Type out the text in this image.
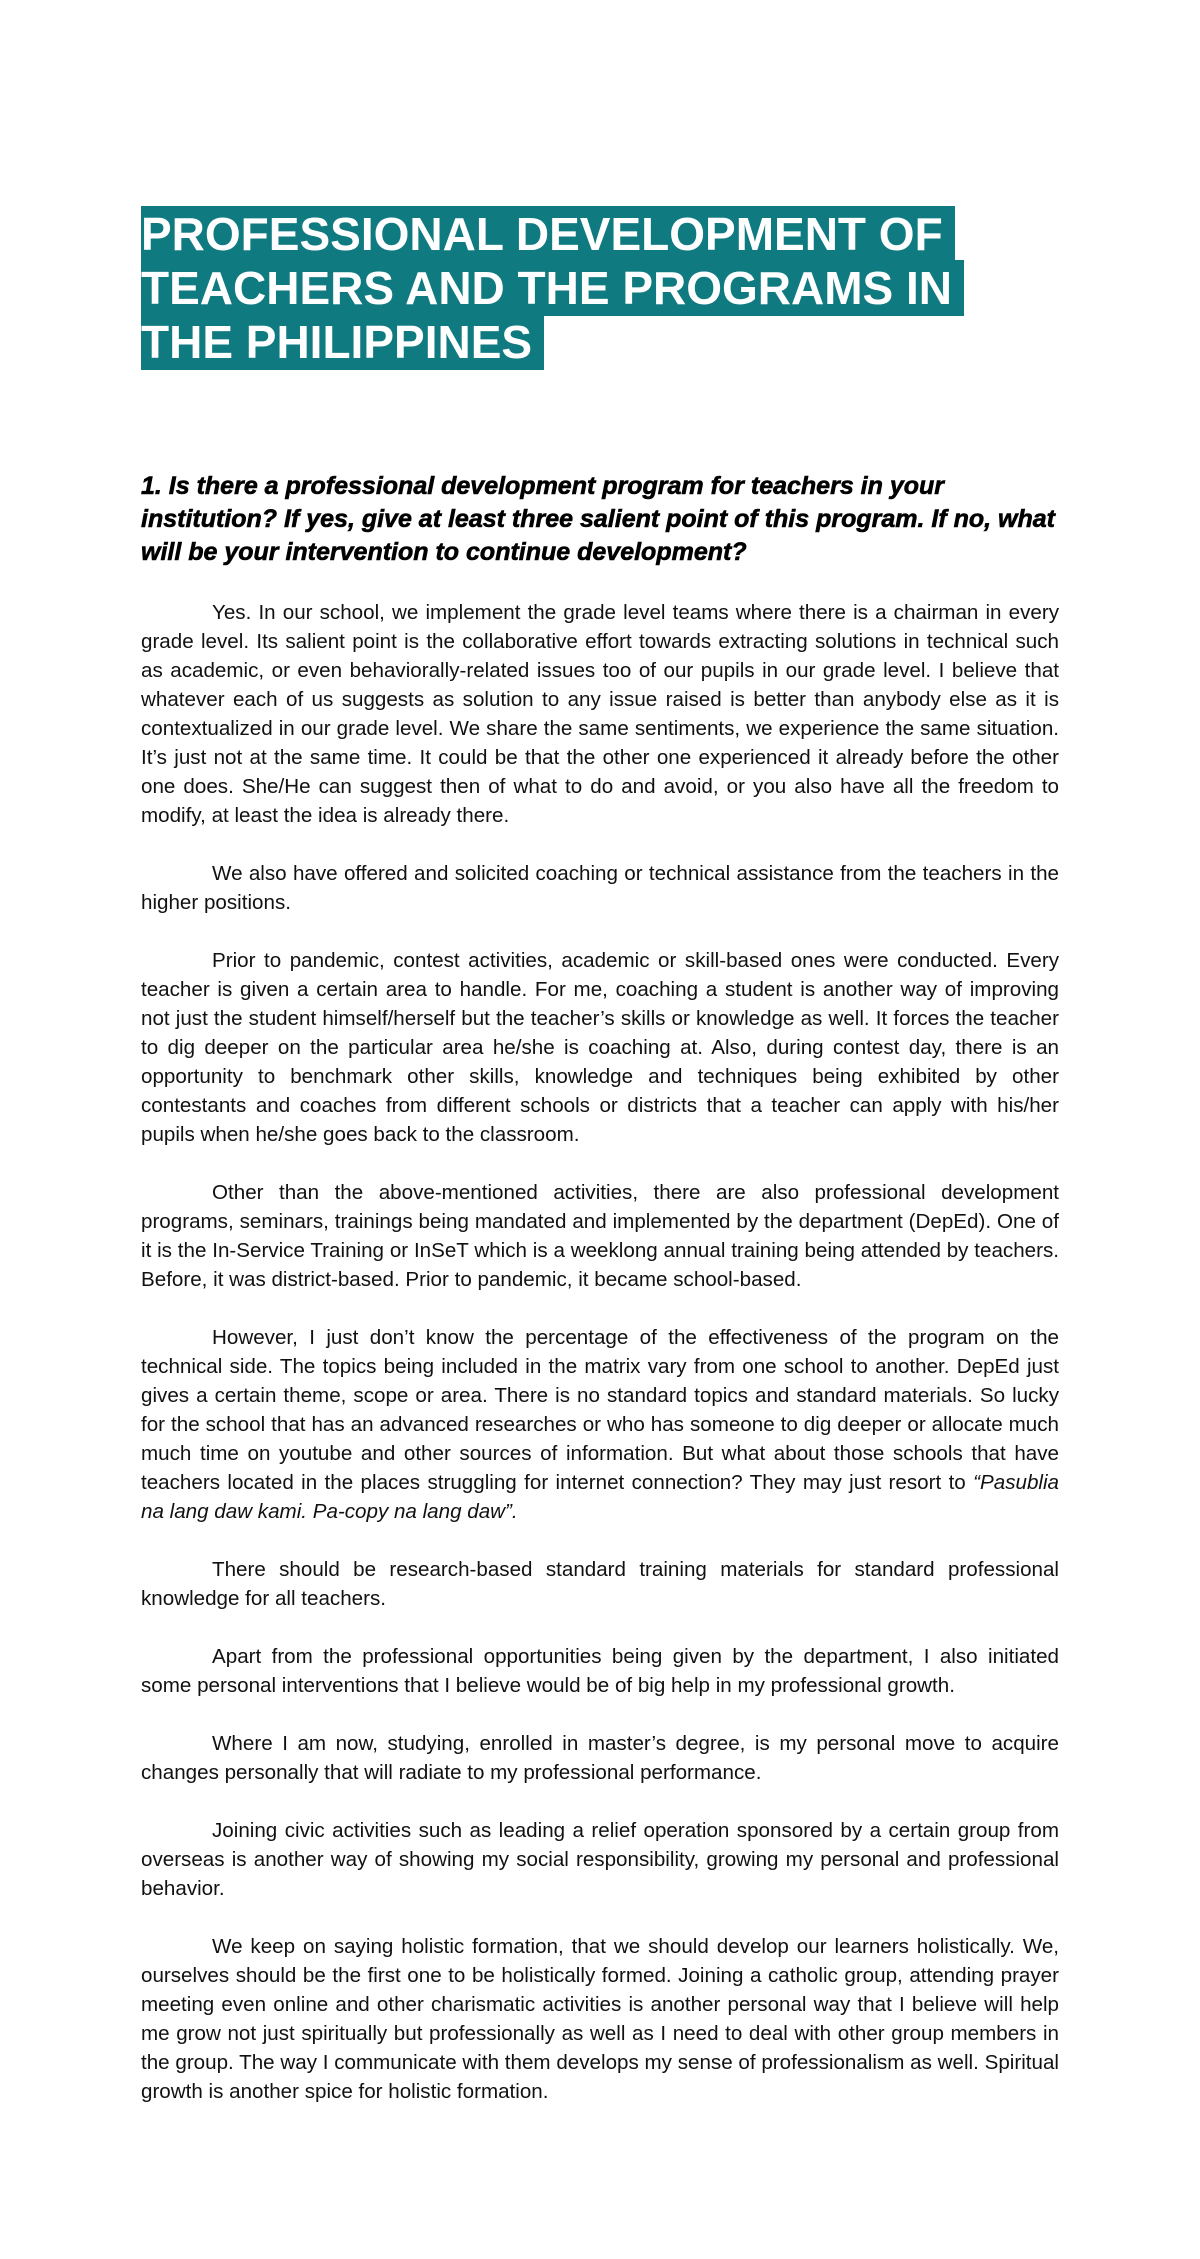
PROFESSIONAL DEVELOPMENT OF TEACHERS AND THE PROGRAMS IN THE PHILIPPINES
1. Is there a professional development program for teachers in your institution? If yes, give at least three salient point of this program. If no, what will be your intervention to continue development?

Yes. In our school, we implement the grade level teams where there is a chairman in every grade level. Its salient point is the collaborative effort towards extracting solutions in technical such as academic, or even behaviorally-related issues too of our pupils in our grade level. I believe that whatever each of us suggests as solution to any issue raised is better than anybody else as it is contextualized in our grade level. We share the same sentiments, we experience the same situation. It’s just not at the same time. It could be that the other one experienced it already before the other one does. She/He can suggest then of what to do and avoid, or you also have all the freedom to modify, at least the idea is already there.

We also have offered and solicited coaching or technical assistance from the teachers in the higher positions.

Prior to pandemic, contest activities, academic or skill-based ones were conducted. Every teacher is given a certain area to handle. For me, coaching a student is another way of improving not just the student himself/herself but the teacher’s skills or knowledge as well. It forces the teacher to dig deeper on the particular area he/she is coaching at. Also, during contest day, there is an opportunity to benchmark other skills, knowledge and techniques being exhibited by other contestants and coaches from different schools or districts that a teacher can apply with his/her pupils when he/she goes back to the classroom.

Other than the above-mentioned activities, there are also professional development programs, seminars, trainings being mandated and implemented by the department (DepEd). One of it is the In-Service Training or InSeT which is a weeklong annual training being attended by teachers. Before, it was district-based. Prior to pandemic, it became school-based.

However, I just don’t know the percentage of the effectiveness of the program on the technical side. The topics being included in the matrix vary from one school to another. DepEd just gives a certain theme, scope or area. There is no standard topics and standard materials. So lucky for the school that has an advanced researches or who has someone to dig deeper or allocate much much time on youtube and other sources of information. But what about those schools that have teachers located in the places struggling for internet connection? They may just resort to “Pasublia na lang daw kami. Pa-copy na lang daw”.

There should be research-based standard training materials for standard professional knowledge for all teachers.

Apart from the professional opportunities being given by the department, I also initiated some personal interventions that I believe would be of big help in my professional growth.

Where I am now, studying, enrolled in master’s degree, is my personal move to acquire changes personally that will radiate to my professional performance.

Joining civic activities such as leading a relief operation sponsored by a certain group from overseas is another way of showing my social responsibility, growing my personal and professional behavior.

We keep on saying holistic formation, that we should develop our learners holistically. We, ourselves should be the first one to be holistically formed. Joining a catholic group, attending prayer meeting even online and other charismatic activities is another personal way that I believe will help me grow not just spiritually but professionally as well as I need to deal with other group members in the group. The way I communicate with them develops my sense of professionalism as well. Spiritual growth is another spice for holistic formation.
